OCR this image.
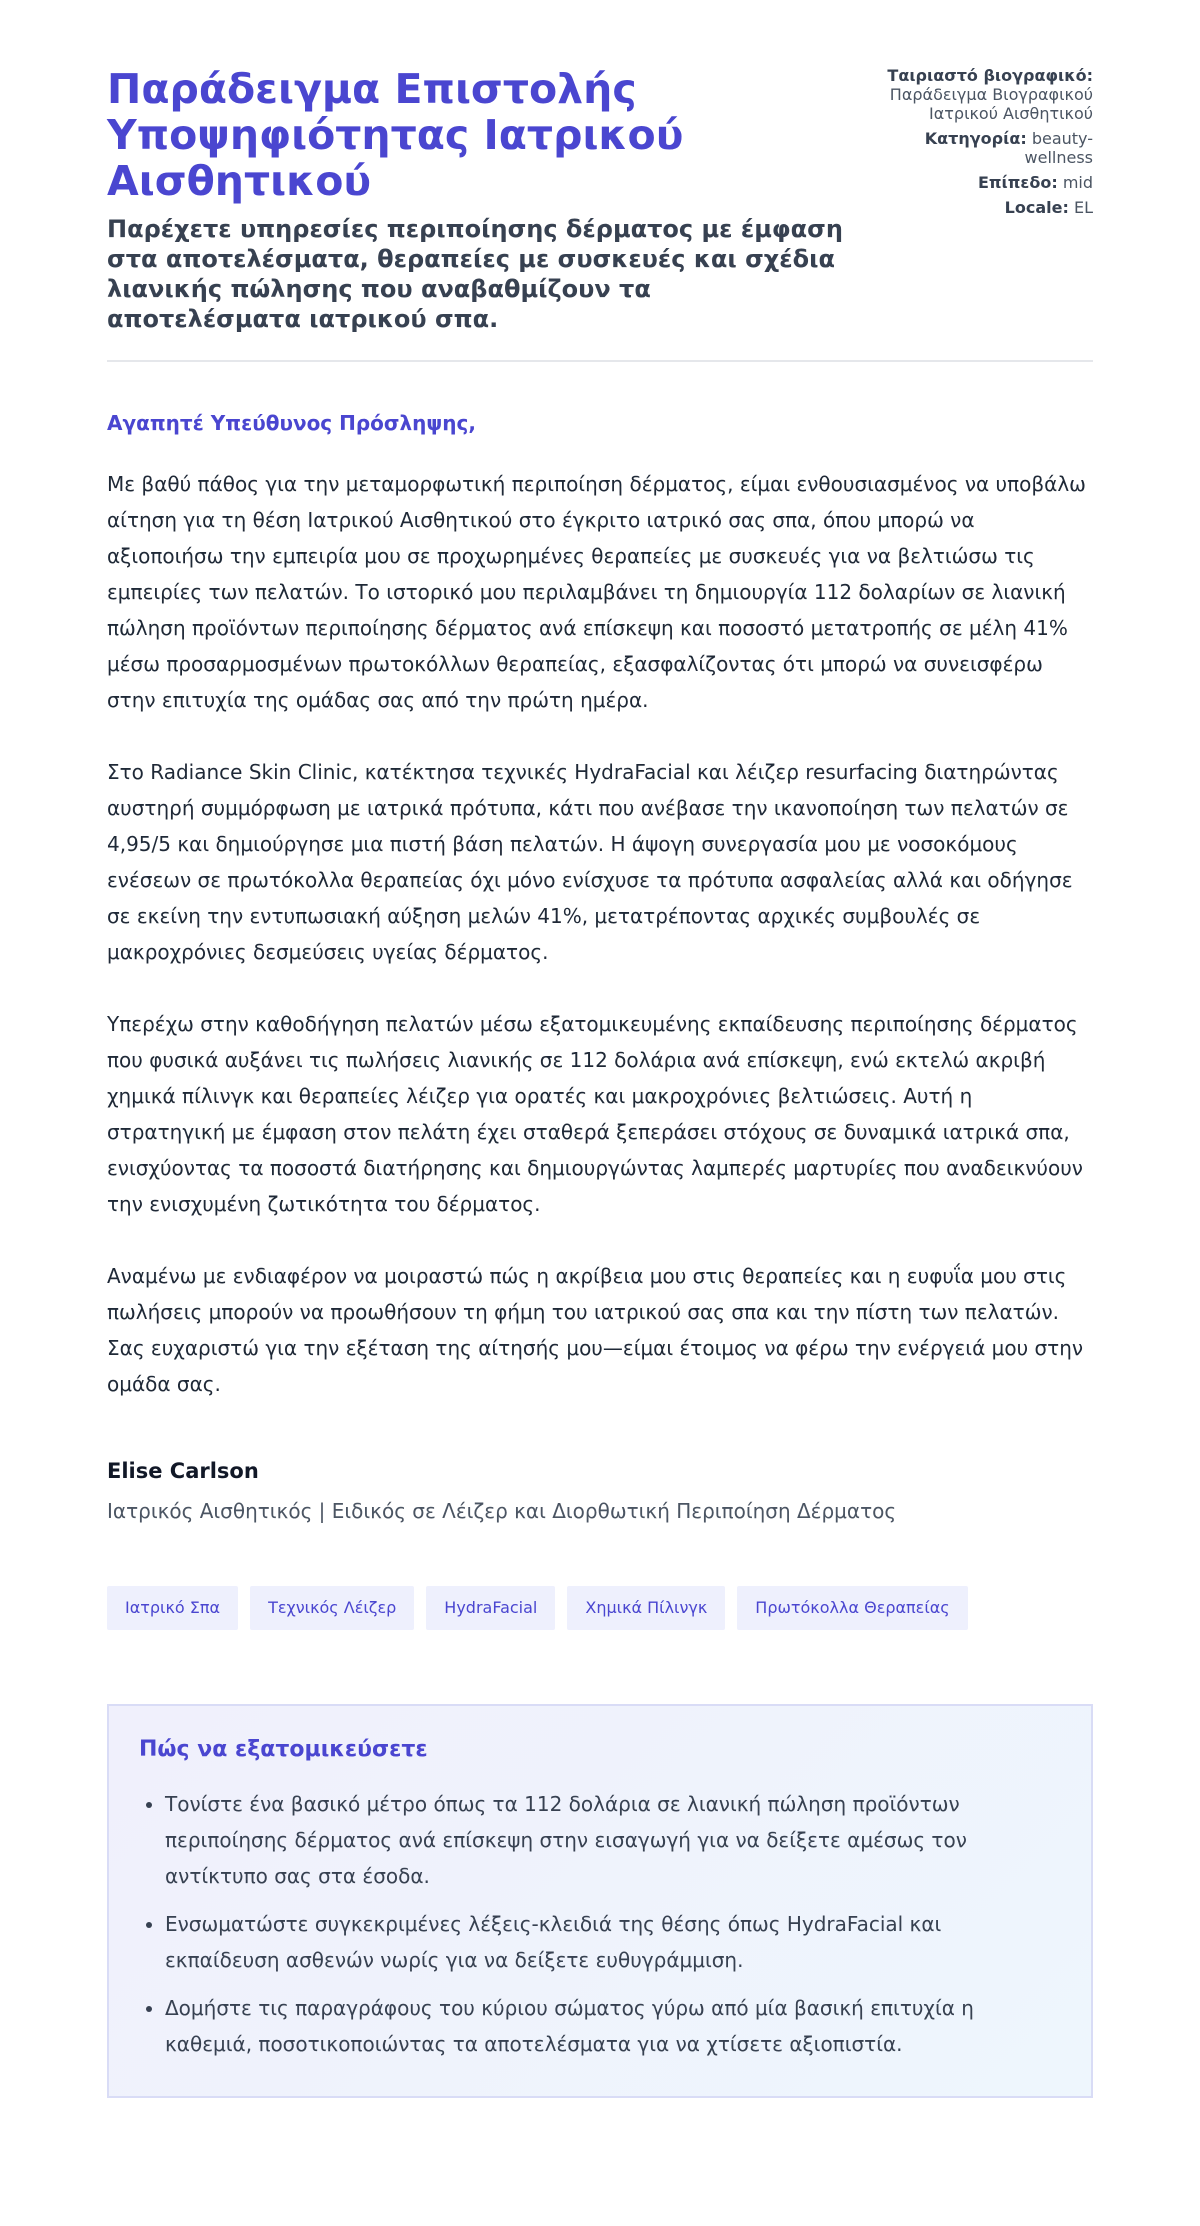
Παράδειγμα Επιστολής Υποψηφιότητας Ιατρικού Αισθητικού

Παρέχετε υπηρεσίες περιποίησης δέρματος με έμφαση στα αποτελέσματα, θεραπείες με συσκευές και σχέδια λιανικής πώλησης που αναβαθμίζουν τα αποτελέσματα ιατρικού σπα.

Ταιριαστό βιογραφικό:
Παράδειγμα Βιογραφικού Ιατρικού Αισθητικού
Κατηγορία: beauty-wellness
Επίπεδο: mid
Locale: EL

Αγαπητέ Υπεύθυνος Πρόσληψης,

Με βαθύ πάθος για την μεταμορφωτική περιποίηση δέρματος, είμαι ενθουσιασμένος να υποβάλω αίτηση για τη θέση Ιατρικού Αισθητικού στο έγκριτο ιατρικό σας σπα, όπου μπορώ να αξιοποιήσω την εμπειρία μου σε προχωρημένες θεραπείες με συσκευές για να βελτιώσω τις εμπειρίες των πελατών. Το ιστορικό μου περιλαμβάνει τη δημιουργία 112 δολαρίων σε λιανική πώληση προϊόντων περιποίησης δέρματος ανά επίσκεψη και ποσοστό μετατροπής σε μέλη 41% μέσω προσαρμοσμένων πρωτοκόλλων θεραπείας, εξασφαλίζοντας ότι μπορώ να συνεισφέρω στην επιτυχία της ομάδας σας από την πρώτη ημέρα.

Στο Radiance Skin Clinic, κατέκτησα τεχνικές HydraFacial και λέιζερ resurfacing διατηρώντας αυστηρή συμμόρφωση με ιατρικά πρότυπα, κάτι που ανέβασε την ικανοποίηση των πελατών σε 4,95/5 και δημιούργησε μια πιστή βάση πελατών. Η άψογη συνεργασία μου με νοσοκόμους ενέσεων σε πρωτόκολλα θεραπείας όχι μόνο ενίσχυσε τα πρότυπα ασφαλείας αλλά και οδήγησε σε εκείνη την εντυπωσιακή αύξηση μελών 41%, μετατρέποντας αρχικές συμβουλές σε μακροχρόνιες δεσμεύσεις υγείας δέρματος.

Υπερέχω στην καθοδήγηση πελατών μέσω εξατομικευμένης εκπαίδευσης περιποίησης δέρματος που φυσικά αυξάνει τις πωλήσεις λιανικής σε 112 δολάρια ανά επίσκεψη, ενώ εκτελώ ακριβή χημικά πίλινγκ και θεραπείες λέιζερ για ορατές και μακροχρόνιες βελτιώσεις. Αυτή η στρατηγική με έμφαση στον πελάτη έχει σταθερά ξεπεράσει στόχους σε δυναμικά ιατρικά σπα, ενισχύοντας τα ποσοστά διατήρησης και δημιουργώντας λαμπερές μαρτυρίες που αναδεικνύουν την ενισχυμένη ζωτικότητα του δέρματος.

Αναμένω με ενδιαφέρον να μοιραστώ πώς η ακρίβεια μου στις θεραπείες και η ευφυΐα μου στις πωλήσεις μπορούν να προωθήσουν τη φήμη του ιατρικού σας σπα και την πίστη των πελατών. Σας ευχαριστώ για την εξέταση της αίτησής μου—είμαι έτοιμος να φέρω την ενέργειά μου στην ομάδα σας.

Elise Carlson
Ιατρικός Αισθητικός | Ειδικός σε Λέιζερ και Διορθωτική Περιποίηση Δέρματος
Ιατρικό Σπα	Τεχνικός Λέιζερ	HydraFacial	Χημικά Πίλινγκ	Πρωτόκολλα Θεραπείας
Πώς να εξατομικεύσετε
• Τονίστε ένα βασικό μέτρο όπως τα 112 δολάρια σε λιανική πώληση προϊόντων περιποίησης δέρματος ανά επίσκεψη στην εισαγωγή για να δείξετε αμέσως τον αντίκτυπο σας στα έσοδα.
• Ενσωματώστε συγκεκριμένες λέξεις-κλειδιά της θέσης όπως HydraFacial και εκπαίδευση ασθενών νωρίς για να δείξετε ευθυγράμμιση.
• Δομήστε τις παραγράφους του κύριου σώματος γύρω από μία βασική επιτυχία η καθεμιά, ποσοτικοποιώντας τα αποτελέσματα για να χτίσετε αξιοπιστία.
